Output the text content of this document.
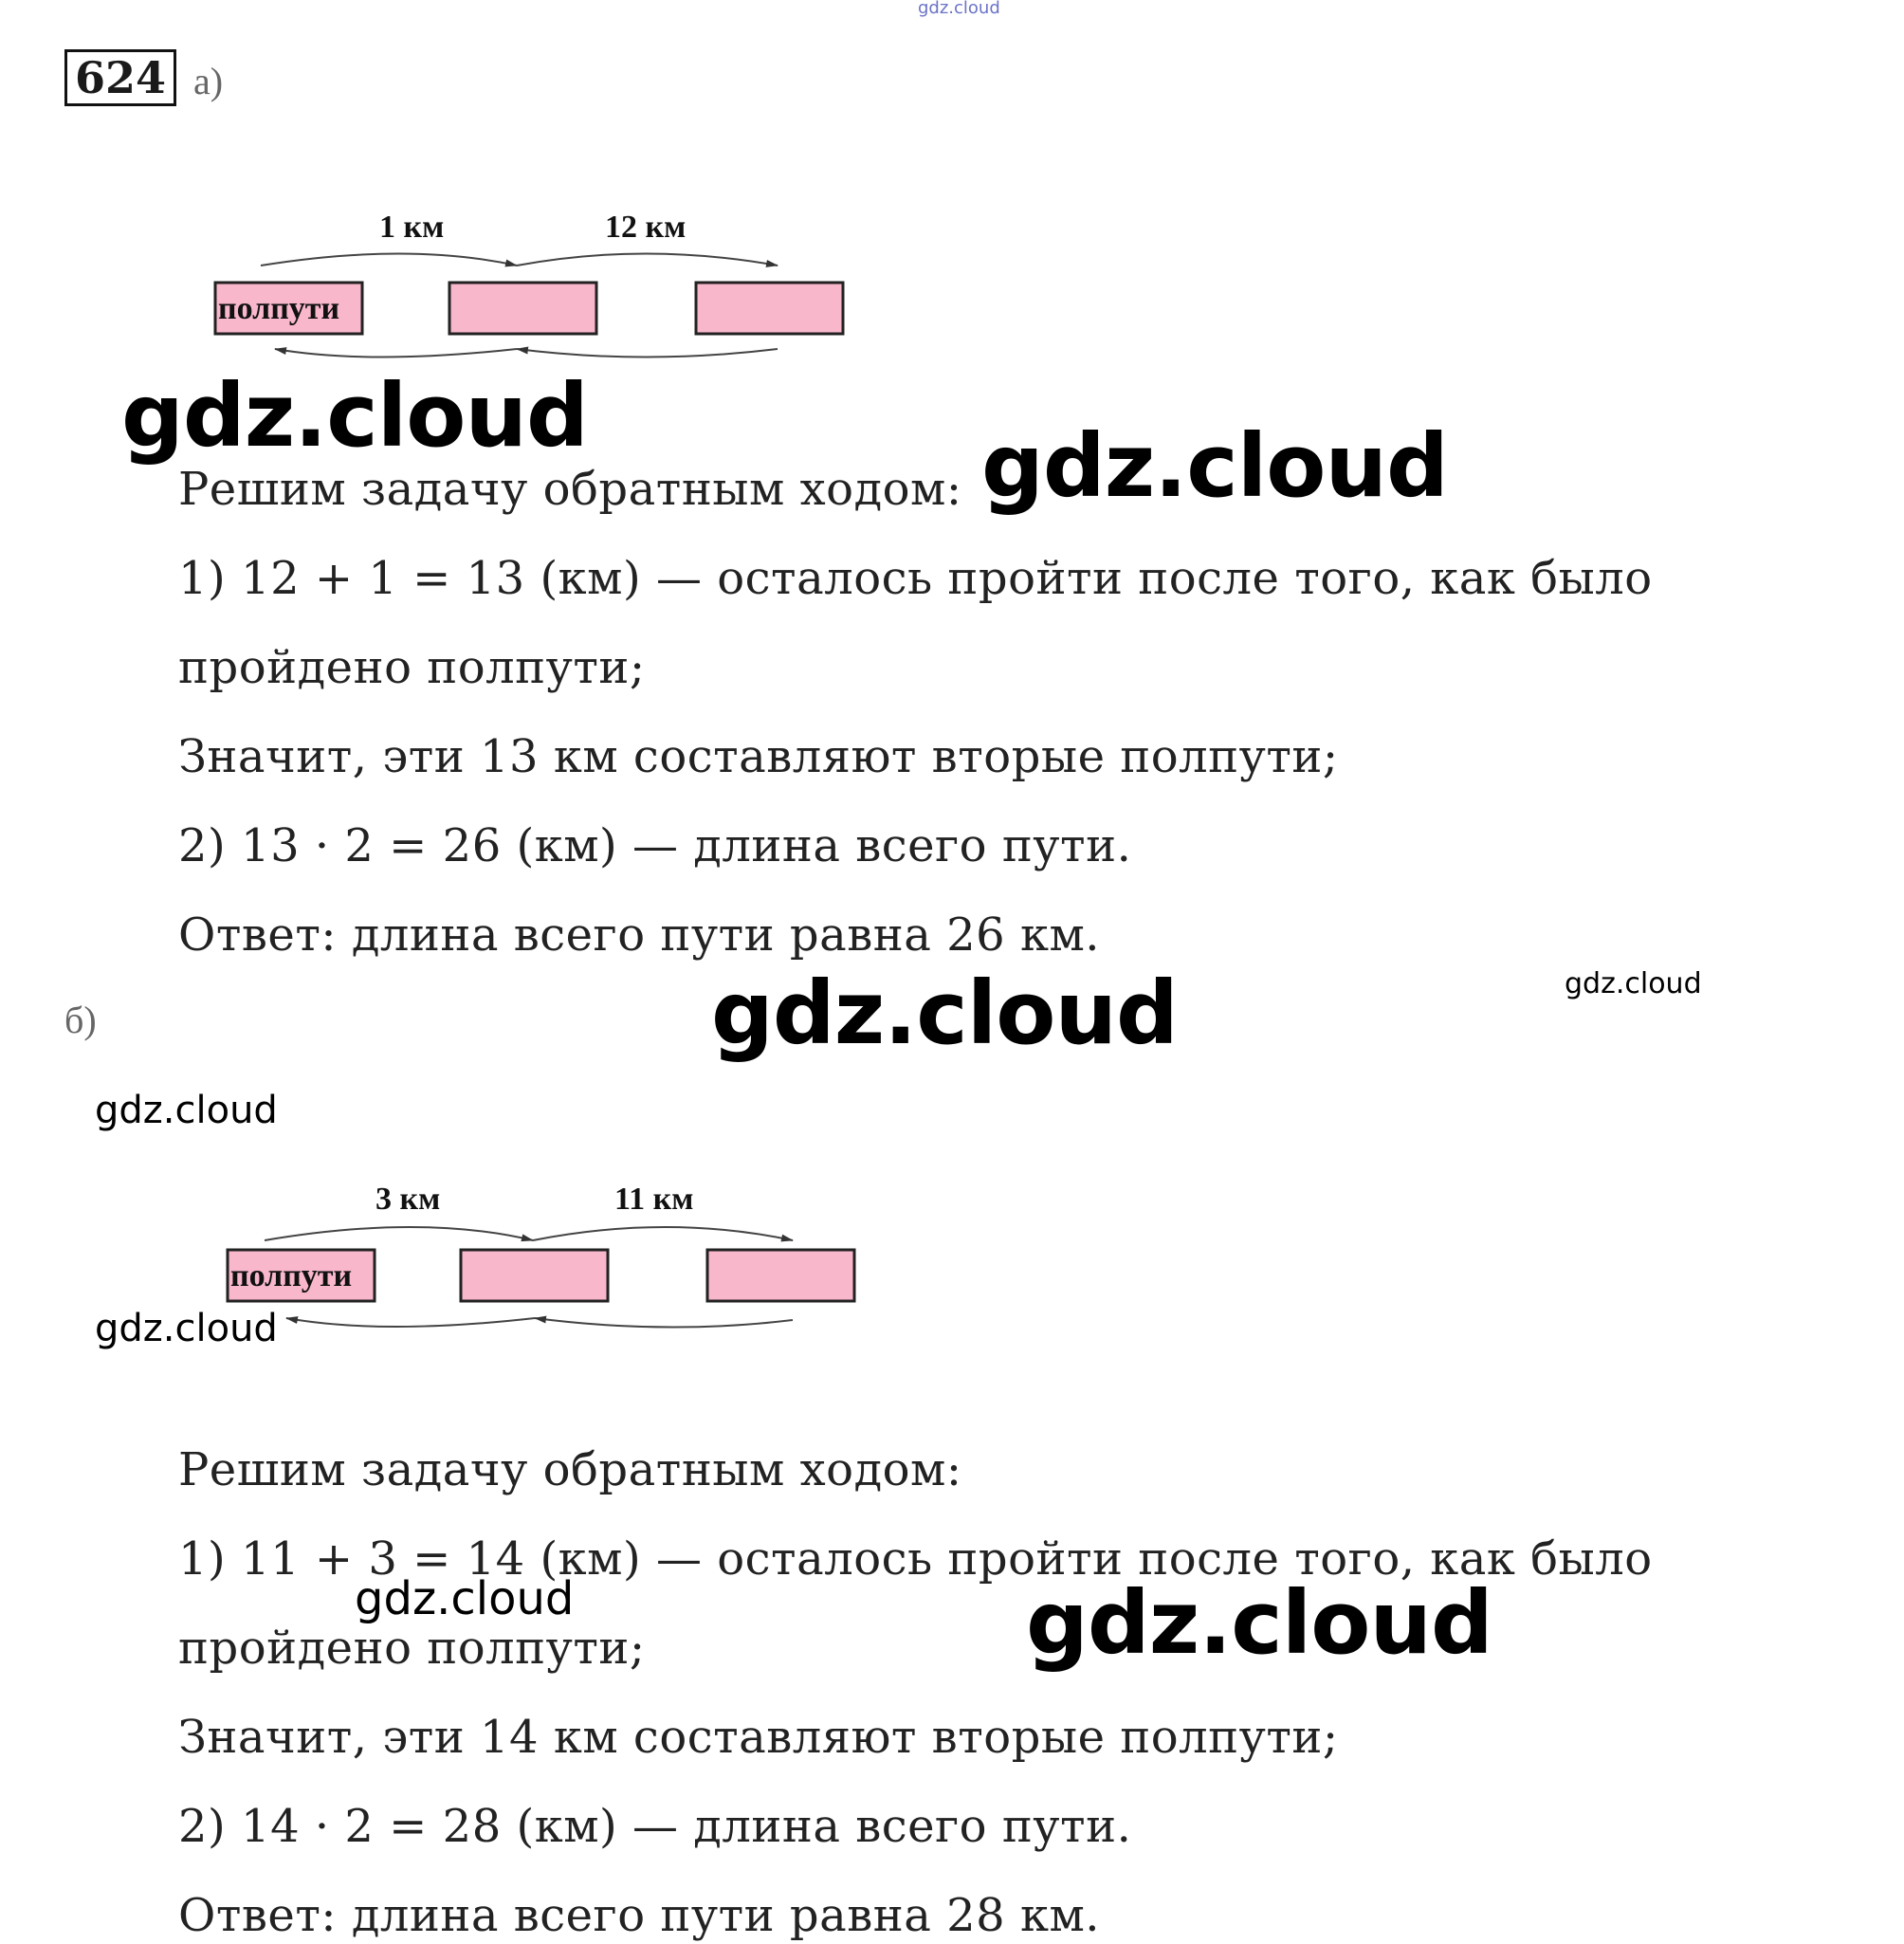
gdz.cloud
624 а)
1 км	12 км
полпути
Решим задачу обратным ходом:
1) 12 + 1 = 13 (км) — осталось пройти после того, как было
пройдено полпути;
Значит, эти 13 км составляют вторые полпути;
2) 13 · 2 = 26 (км) — длина всего пути.
Ответ: длина всего пути равна 26 км.
б)
3 км	11 км
полпути
Решим задачу обратным ходом:
1) 11 + 3 = 14 (км) — осталось пройти после того, как было
пройдено полпути;
Значит, эти 14 км составляют вторые полпути;
2) 14 · 2 = 28 (км) — длина всего пути.
Ответ: длина всего пути равна 28 км.
gdz.cloud	gdz.cloud
gdz.cloud
gdz.cloud
gdz.cloud
gdz.cloud
gdz.cloud	gdz.cloud
